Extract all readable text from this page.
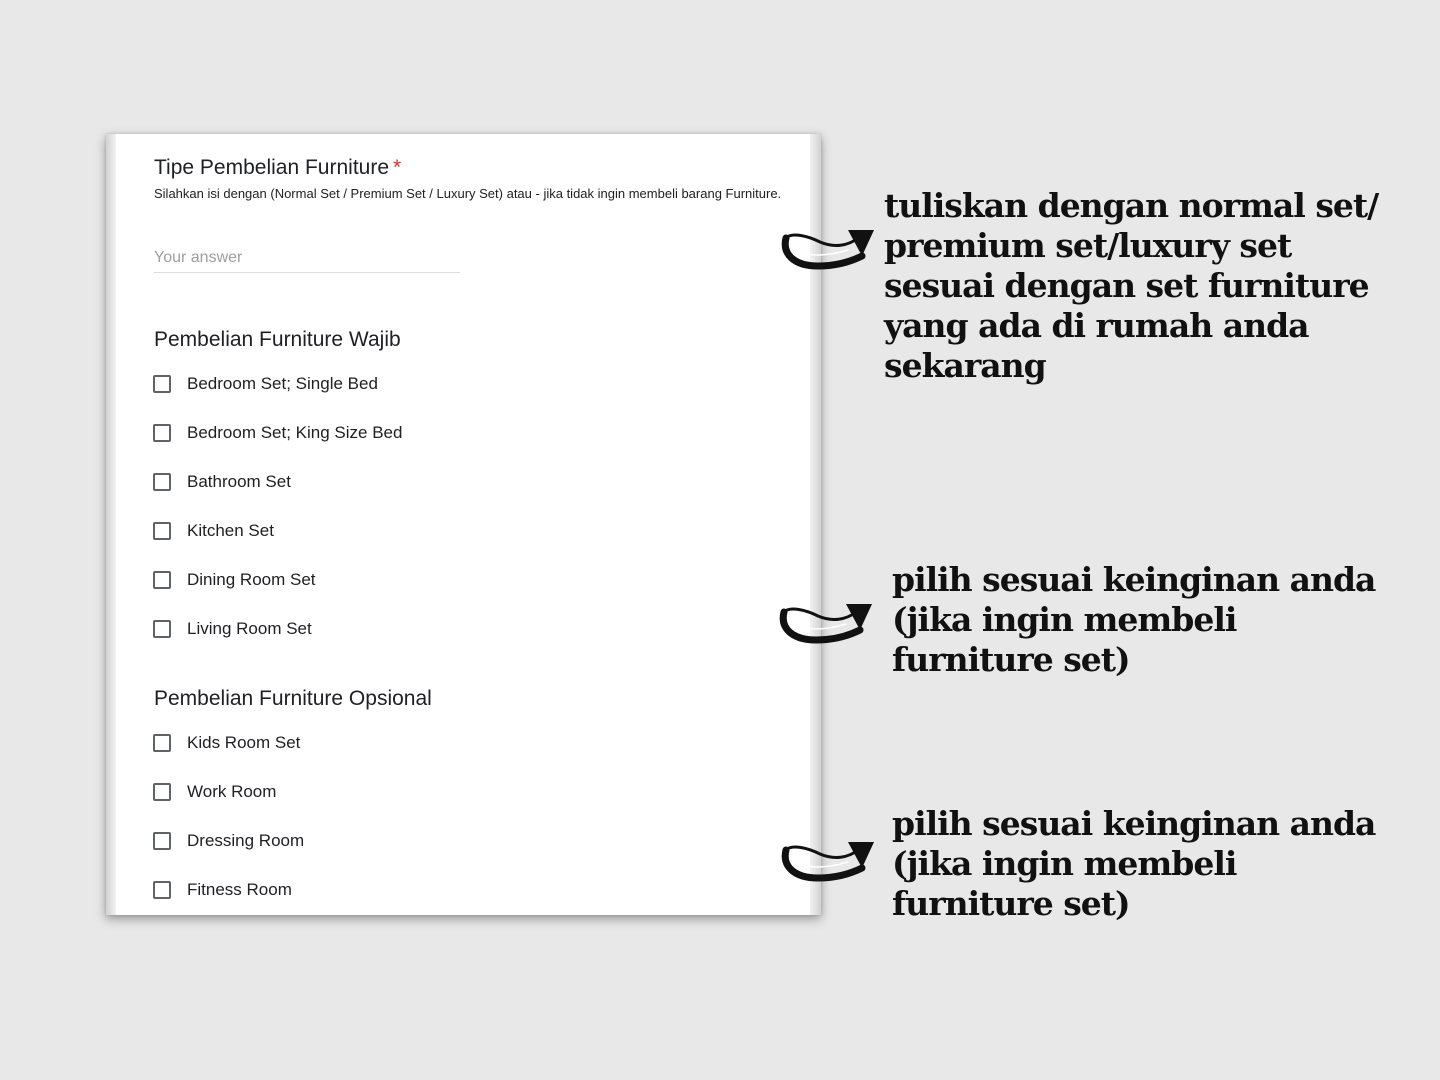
Tipe Pembelian Furniture *
Silahkan isi dengan (Normal Set / Premium Set / Luxury Set) atau - jika tidak ingin membeli barang Furniture.
Your answer
Pembelian Furniture Wajib
Bedroom Set; Single Bed
Bedroom Set; King Size Bed
Bathroom Set
Kitchen Set
Dining Room Set
Living Room Set
Pembelian Furniture Opsional
Kids Room Set
Work Room
Dressing Room
Fitness Room
tuliskan dengan normal set/
premium set/luxury set
sesuai dengan set furniture
yang ada di rumah anda
sekarang
pilih sesuai keinginan anda
(jika ingin membeli
furniture set)
pilih sesuai keinginan anda
(jika ingin membeli
furniture set)
